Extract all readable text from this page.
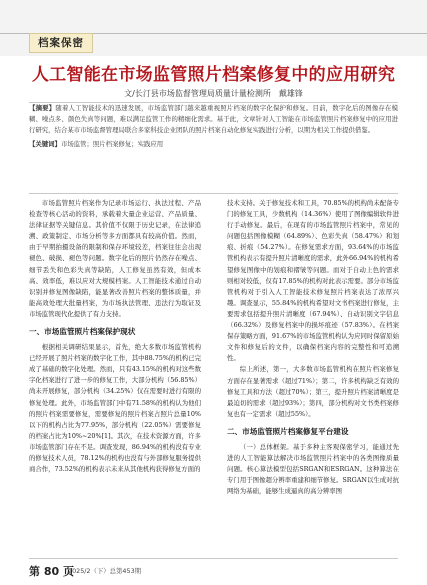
档案保密
人工智能在市场监管照片档案修复中的应用研究
文/长汀县市场监督管理局质量计量检测所　戴雄锋

【摘要】随着人工智能技术的迅速发展，市场监管部门越来越重视照片档案的数字化保护和修复。目前，数字化后的图像存在模糊、噪点多、颜色失真等问题，难以满足监管工作的精细化需求。基于此，文章针对人工智能在市场监管照片档案修复中的应用进行研究，结合某市市场监督管理局联合多家科技企业团队的照片档案自动化修复实践进行分析，以期为相关工作提供借鉴。

【关键词】市场监管；照片档案修复；实践应用

市场监管照片档案作为记录市场运行、执法过程、产品检查等核心活动的资料，承载着大量企业运营、产品质量、法律证据等关键信息。其价值不仅限于历史记录，在法律追溯、政策制定、市场分析等多方面都具有较高价值。然而，由于早期拍摄设备的限制和保存环境较差，档案往往会出现褪色、破损、褪色等问题。数字化后的照片仍然存在噪点、细节丢失和色彩失真等缺陷，人工修复虽然有效，但成本高、效率低，难以应对大规模档案。人工智能技术通过自动识别并修复图像缺陷，能显著改善照片档案的整体质量，并能高效处理大批量档案，为市场执法管理、违法行为取证及市场监管现代化提供了有力支持。

一、市场监管照片档案保护现状

根据相关调研结果显示，首先，绝大多数市场监管机构已经开展了照片档案的数字化工作，其中88.75%的机构已完成了基础的数字化处理。然而，只有43.15%的机构对这些数字化档案进行了进一步的修复工作，大部分机构（56.85%）尚未开展修复，部分机构（34.25%）仅在需要时进行有限的修复处理。此外，市场监管部门中有71.58%的机构认为他们的照片档案需要修复，需要修复的照片档案占照片总量10%以下的机构占比为77.95%，部分机构（22.05%）需要修复的档案占比为10%~20%[1]。其次，在技术资源方面，许多市场监管部门存在不足。调查发现，86.94%的机构没有专业的修复技术人员，78.12%的机构也没有与外部修复服务提供商合作，73.52%的机构表示未来从其他机构获得修复方面的

技术支持。关于修复技术和工具，70.85%的机构尚未配备专门的修复工具，少数机构（14.36%）使用了图像编辑软件进行手动修复。最后，在现有的市场监管照片档案中，常见的问题包括图像模糊（64.89%）、色彩失真（58.47%）和划痕、折痕（54.27%）。在修复需求方面，93.64%的市场监管机构表示有提升照片清晰度的需求，此外66.94%的机构希望修复图像中的划痕和褶皱等问题。而对于自动上色的需求则相对较低，仅有17.85%的机构对此表示需要。部分市场监管机构对于引入人工智能技术修复照片档案表达了浓厚兴趣。调查显示，55.84%的机构希望对文书档案进行修复，主要需求包括提升照片清晰度（67.94%）、自动识别文字信息（66.32%）及修复档案中的损坏痕迹（57.83%）。在档案保存策略方面，91.67%的市场监管机构认为应同时保留原始文件和修复后的文件，以确保档案内容的完整性和可追溯性。

综上所述，第一，大多数市场监管机构在照片档案修复方面存在显著需求（超过71%）；第二，许多机构缺乏有效的修复工具和方法（超过70%）；第三，提升照片档案清晰度是最迫切的需求（超过93%）；第四，部分机构对文书类档案修复也有一定需求（超过55%）。

二、市场监管照片档案修复平台建设

（一）总体框架。基于多种主客观保密学习，能通过先进的人工智能算法解决市场监管照片档案中的各类图像质量问题。核心算法模型包括SRGAN和ESRGAN。这种算法在专门用于图像超分辨率重建和细节修复。SRGAN以生成对抗网络为基础，能够生成逼真的高分辨率图

第 80 页
2025/2（下）总第453期
